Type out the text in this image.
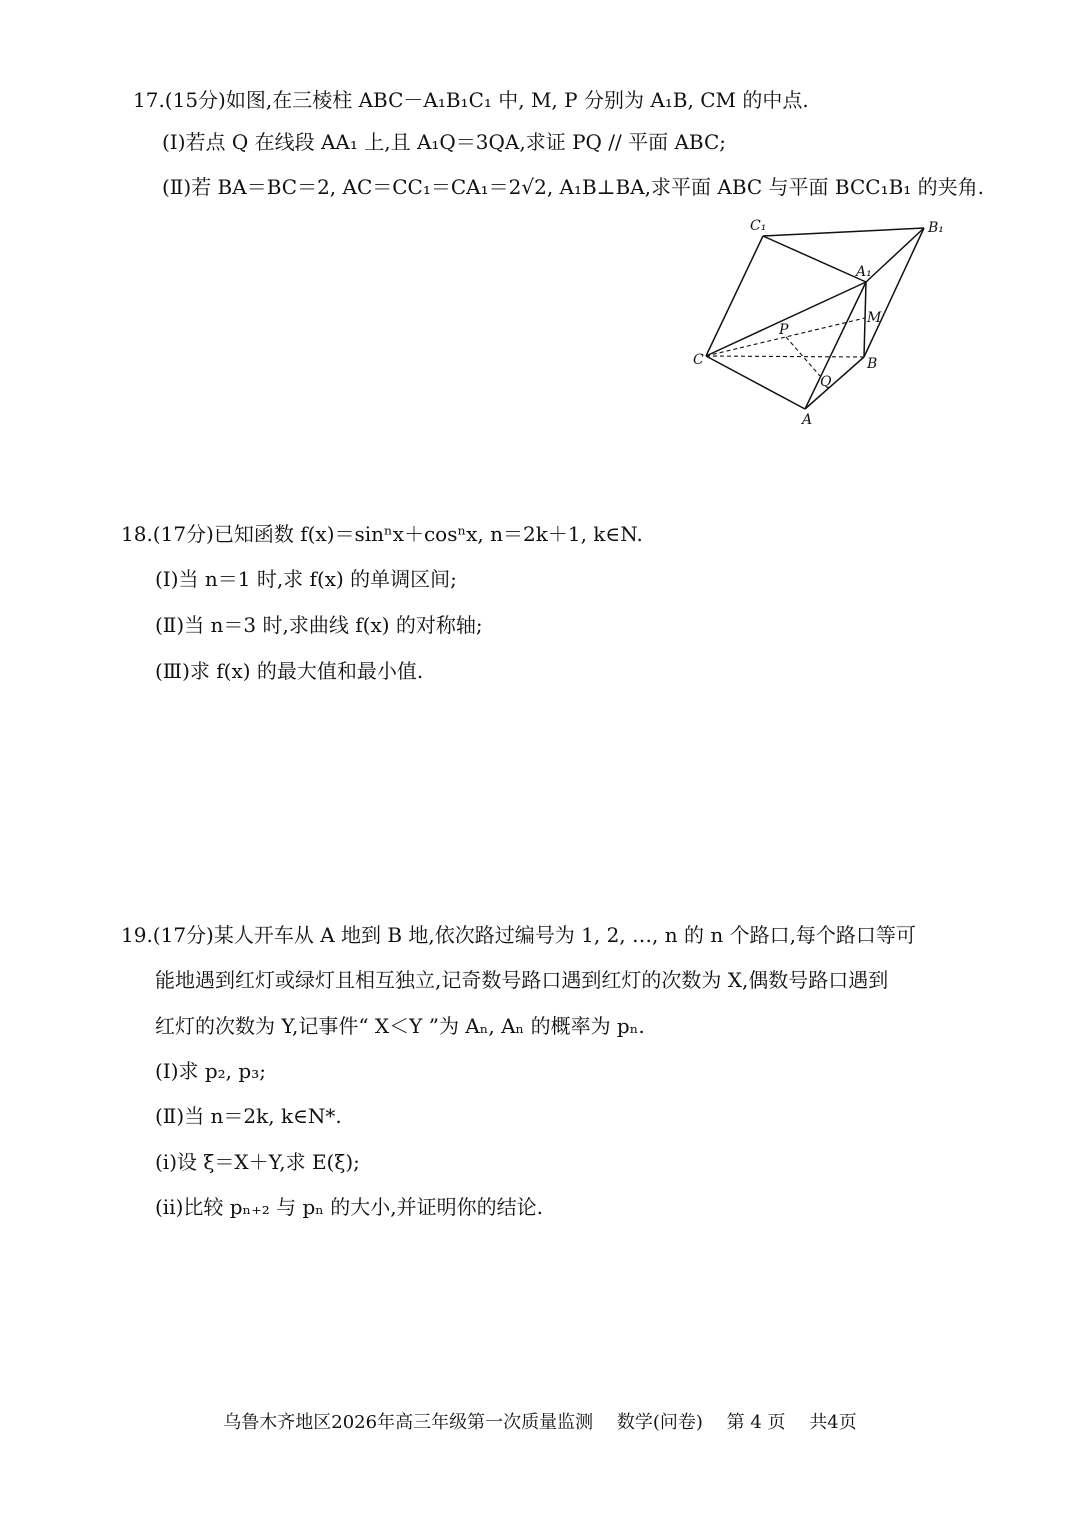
17.(15分)如图,在三棱柱 ABC－A₁B₁C₁ 中, M, P 分别为 A₁B, CM 的中点.
(Ⅰ)若点 Q 在线段 AA₁ 上,且 A₁Q＝3QA,求证 PQ // 平面 ABC;
(Ⅱ)若 BA＝BC＝2, AC＝CC₁＝CA₁＝2√2, A₁B⊥BA,求平面 ABC 与平面 BCC₁B₁ 的夹角.
C₁	B₁
A₁
M
P
C	B
Q
A
18.(17分)已知函数 f(x)＝sinⁿx＋cosⁿx, n＝2k＋1, k∈N.
(Ⅰ)当 n＝1 时,求 f(x) 的单调区间;
(Ⅱ)当 n＝3 时,求曲线 f(x) 的对称轴;
(Ⅲ)求 f(x) 的最大值和最小值.
19.(17分)某人开车从 A 地到 B 地,依次路过编号为 1, 2, …, n 的 n 个路口,每个路口等可
能地遇到红灯或绿灯且相互独立,记奇数号路口遇到红灯的次数为 X,偶数号路口遇到
红灯的次数为 Y,记事件“ X＜Y ”为 Aₙ, Aₙ 的概率为 pₙ.
(Ⅰ)求 p₂, p₃;
(Ⅱ)当 n＝2k, k∈N*.
(ⅰ)设 ξ＝X＋Y,求 E(ξ);
(ⅱ)比较 pₙ₊₂ 与 pₙ 的大小,并证明你的结论.
乌鲁木齐地区2026年高三年级第一次质量监测 数学(问卷) 第 4 页 共4页
